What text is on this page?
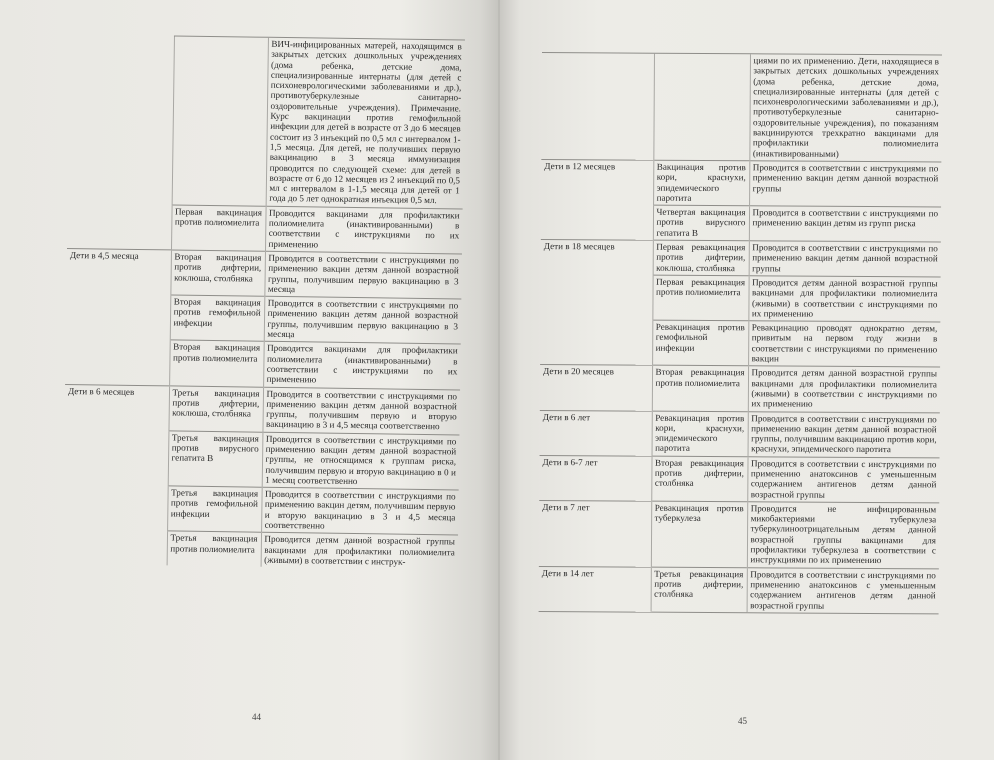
		ВИЧ-инфицированных матерей, находящимся в закрытых детских дошкольных учреждениях (дома ребенка, детские дома, специализированные интернаты (для детей с психоневрологическими заболеваниями и др.), противотуберкулезные санитарно-оздоровительные учреждения). Примечание. Курс вакцинации против гемофильной инфекции для детей в возрасте от 3 до 6 месяцев состоит из 3 инъекций по 0,5 мл с интервалом 1-1,5 месяца. Для детей, не получивших первую вакцинацию в 3 месяца иммунизация проводится по следующей схеме: для детей в возрасте от 6 до 12 месяцев из 2 инъекций по 0,5 мл с интервалом в 1-1,5 месяца для детей от 1 года до 5 лет однократная инъекция 0,5 мл.
	Первая вакцинация против полиомиелита	Проводится вакцинами для профилактики полиомиелита (инактивированными) в соответствии с инструкциями по их применению
Дети в 4,5 месяца	Вторая вакцинация против дифтерии, коклюша, столбняка	Проводится в соответствии с инструкциями по применению вакцин детям данной возрастной группы, получившим первую вакцинацию в 3 месяца
	Вторая вакцинация против гемофильной инфекции	Проводится в соответствии с инструкциями по применению вакцин детям данной возрастной группы, получившим первую вакцинацию в 3 месяца
	Вторая вакцинация против полиомиелита	Проводится вакцинами для профилактики полиомиелита (инактивированными) в соответствии с инструкциями по их применению
Дети в 6 месяцев	Третья вакцинация против дифтерии, коклюша, столбняка	Проводится в соответствии с инструкциями по применению вакцин детям данной возрастной группы, получившим первую и вторую вакцинацию в 3 и 4,5 месяца соответственно
	Третья вакцинация против вирусного гепатита B	Проводится в соответствии с инструкциями по применению вакцин детям данной возрастной группы, не относящимся к группам риска, получившим первую и вторую вакцинацию в 0 и 1 месяц соответственно
	Третья вакцинация против гемофильной инфекции	Проводится в соответствии с инструкциями по применению вакцин детям, получившим первую и вторую вакцинацию в 3 и 4,5 месяца соответственно
	Третья вакцинация против полиомиелита	Проводится детям данной возрастной группы вакцинами для профилактики полиомиелита (живыми) в соответствии с инструк-
44
		циями по их применению. Дети, находящиеся в закрытых детских дошкольных учреждениях (дома ребенка, детские дома, специализированные интернаты (для детей с психоневрологическими заболеваниями и др.), противотуберкулезные санитарно-оздоровительные учреждения), по показаниям вакцинируются трехкратно вакцинами для профилактики полиомиелита (инактивированными)
Дети в 12 месяцев	Вакцинация против кори, краснухи, эпидемического паротита	Проводится в соответствии с инструкциями по применению вакцин детям данной возрастной группы
	Четвертая вакцинация против вирусного гепатита B	Проводится в соответствии с инструкциями по применению вакцин детям из групп риска
Дети в 18 месяцев	Первая ревакцинация против дифтерии, коклюша, столбняка	Проводится в соответствии с инструкциями по применению вакцин детям данной возрастной группы
	Первая ревакцинация против полиомиелита	Проводится детям данной возрастной группы вакцинами для профилактики полиомиелита (живыми) в соответствии с инструкциями по их применению
	Ревакцинация против гемофильной инфекции	Ревакцинацию проводят однократно детям, привитым на первом году жизни в соответствии с инструкциями по применению вакцин
Дети в 20 месяцев	Вторая ревакцинация против полиомиелита	Проводится детям данной возрастной группы вакцинами для профилактики полиомиелита (живыми) в соответствии с инструкциями по их применению
Дети в 6 лет	Ревакцинация против кори, краснухи, эпидемического паротита	Проводится в соответствии с инструкциями по применению вакцин детям данной возрастной группы, получившим вакцинацию против кори, краснухи, эпидемического паротита
Дети в 6-7 лет	Вторая ревакцинация против дифтерии, столбняка	Проводится в соответствии с инструкциями по применению анатоксинов с уменьшенным содержанием антигенов детям данной возрастной группы
Дети в 7 лет	Ревакцинация против туберкулеза	Проводится не инфицированным микобактериями туберкулеза туберкулиноотрицательным детям данной возрастной группы вакцинами для профилактики туберкулеза в соответствии с инструкциями по их применению
Дети в 14 лет	Третья ревакцинация против дифтерии, столбняка	Проводится в соответствии с инструкциями по применению анатоксинов с уменьшенным содержанием антигенов детям данной возрастной группы
45
